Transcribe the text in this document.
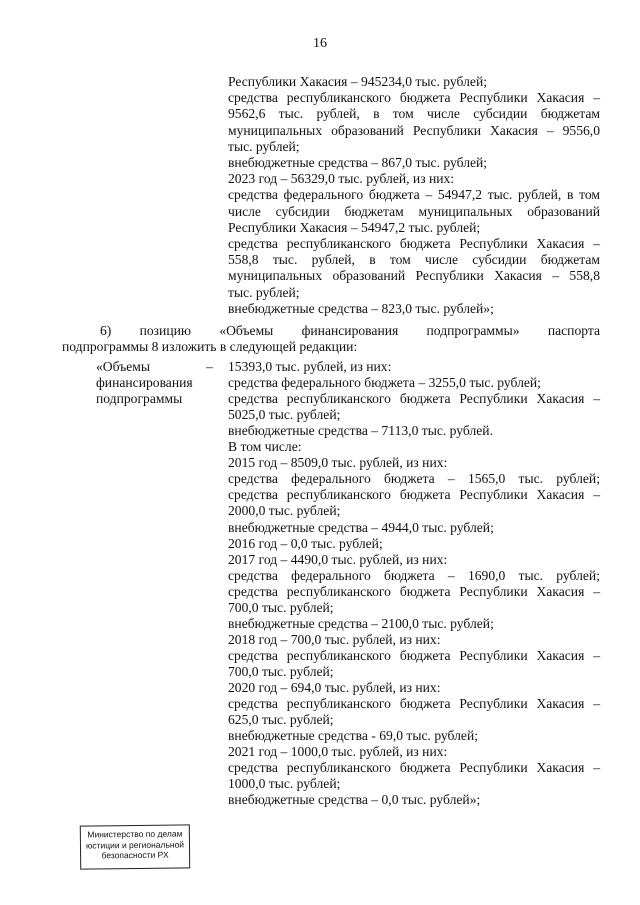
16
Республики Хакасия – 945234,0 тыс. рублей;
средства республиканского бюджета Республики Хакасия –
9562,6 тыс. рублей, в том числе субсидии бюджетам
муниципальных образований Республики Хакасия – 9556,0
тыс. рублей;
внебюджетные средства – 867,0 тыс. рублей;
2023 год – 56329,0 тыс. рублей, из них:
средства федерального бюджета – 54947,2 тыс. рублей, в том
числе субсидии бюджетам муниципальных образований
Республики Хакасия – 54947,2 тыс. рублей;
средства республиканского бюджета Республики Хакасия –
558,8 тыс. рублей, в том числе субсидии бюджетам
муниципальных образований Республики Хакасия – 558,8
тыс. рублей;
внебюджетные средства – 823,0 тыс. рублей»;
6) позицию «Объемы финансирования подпрограммы» паспорта
подпрограммы 8 изложить в следующей редакции:
«Объемы
финансирования
подпрограммы
– 15393,0 тыс. рублей, из них:
средства федерального бюджета – 3255,0 тыс. рублей;
средства республиканского бюджета Республики Хакасия –
5025,0 тыс. рублей;
внебюджетные средства – 7113,0 тыс. рублей.
В том числе:
2015 год – 8509,0 тыс. рублей, из них:
средства федерального бюджета – 1565,0 тыс. рублей;
средства республиканского бюджета Республики Хакасия –
2000,0 тыс. рублей;
внебюджетные средства – 4944,0 тыс. рублей;
2016 год – 0,0 тыс. рублей;
2017 год – 4490,0 тыс. рублей, из них:
средства федерального бюджета – 1690,0 тыс. рублей;
средства республиканского бюджета Республики Хакасия –
700,0 тыс. рублей;
внебюджетные средства – 2100,0 тыс. рублей;
2018 год – 700,0 тыс. рублей, из них:
средства республиканского бюджета Республики Хакасия –
700,0 тыс. рублей;
2020 год – 694,0 тыс. рублей, из них:
средства республиканского бюджета Республики Хакасия –
625,0 тыс. рублей;
внебюджетные средства - 69,0 тыс. рублей;
2021 год – 1000,0 тыс. рублей, из них:
средства республиканского бюджета Республики Хакасия –
1000,0 тыс. рублей;
внебюджетные средства – 0,0 тыс. рублей»;
Министерство по делам
юстиции и региональной
безопасности РХ
